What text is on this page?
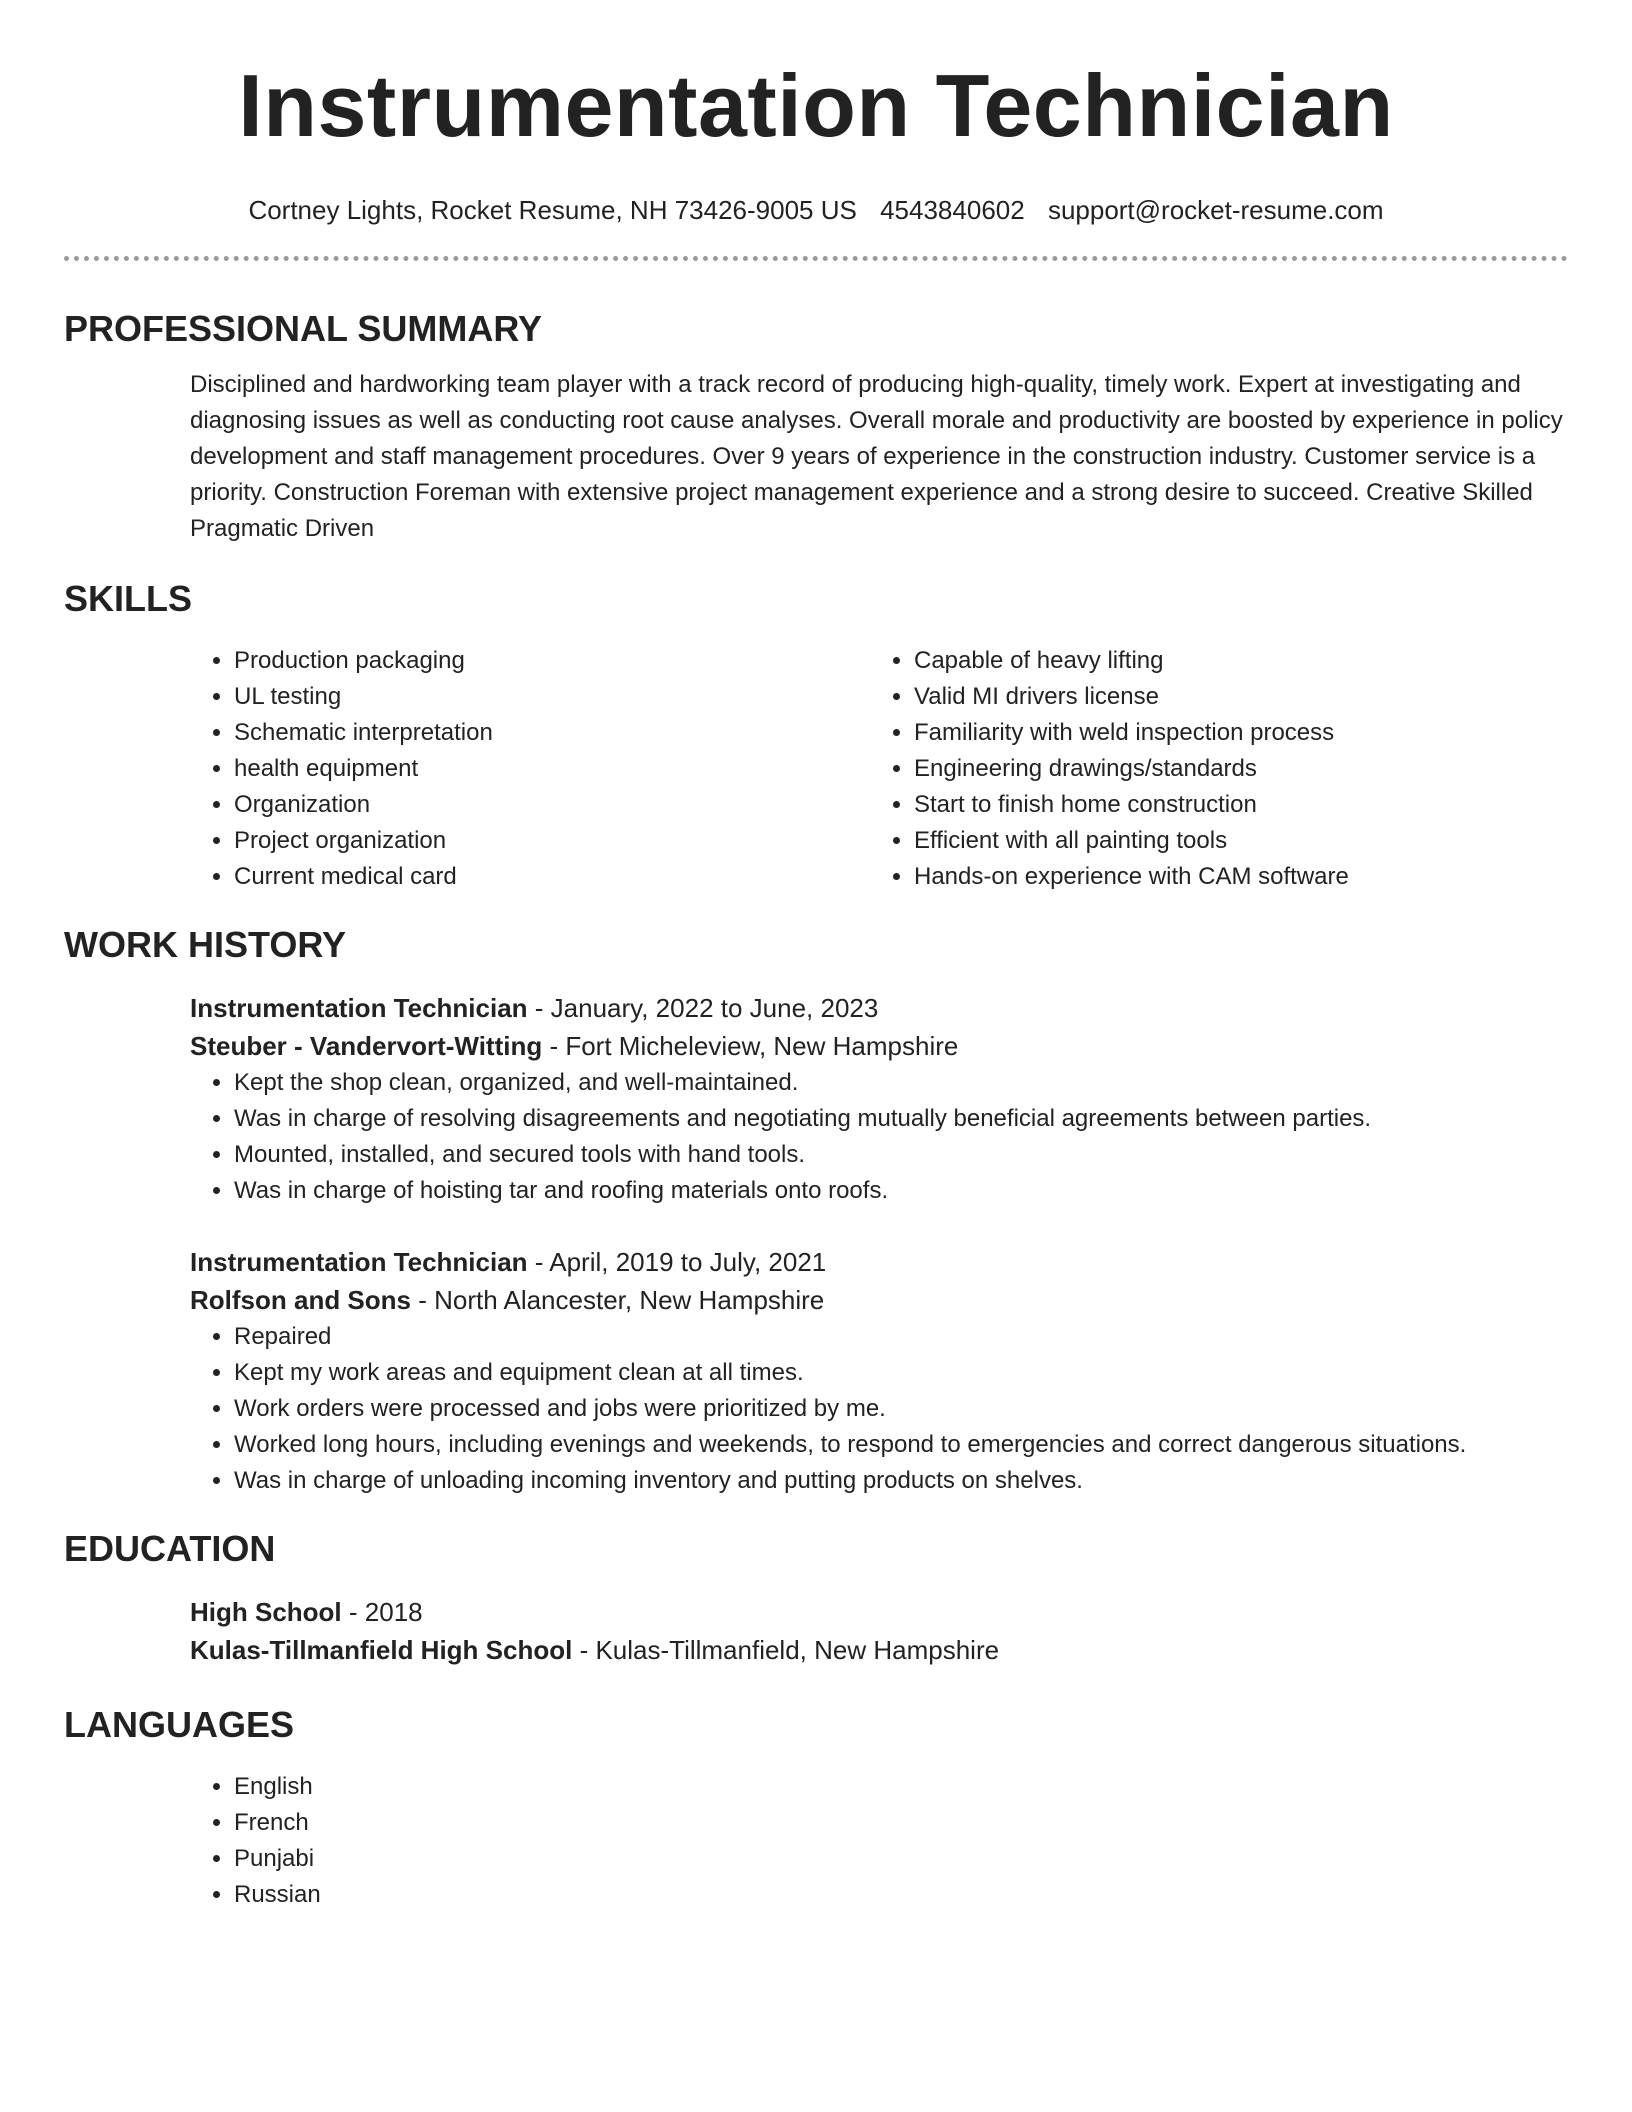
Instrumentation Technician
Cortney Lights, Rocket Resume, NH 73426-9005 US 4543840602 support@rocket-resume.com
PROFESSIONAL SUMMARY
Disciplined and hardworking team player with a track record of producing high-quality, timely work. Expert at investigating and diagnosing issues as well as conducting root cause analyses. Overall morale and productivity are boosted by experience in policy development and staff management procedures. Over 9 years of experience in the construction industry. Customer service is a priority. Construction Foreman with extensive project management experience and a strong desire to succeed. Creative Skilled Pragmatic Driven
SKILLS
• Production packaging
• UL testing
• Schematic interpretation
• health equipment
• Organization
• Project organization
• Current medical card
• Capable of heavy lifting
• Valid MI drivers license
• Familiarity with weld inspection process
• Engineering drawings/standards
• Start to finish home construction
• Efficient with all painting tools
• Hands-on experience with CAM software
WORK HISTORY
Instrumentation Technician - January, 2022 to June, 2023
Steuber - Vandervort-Witting - Fort Micheleview, New Hampshire
• Kept the shop clean, organized, and well-maintained.
• Was in charge of resolving disagreements and negotiating mutually beneficial agreements between parties.
• Mounted, installed, and secured tools with hand tools.
• Was in charge of hoisting tar and roofing materials onto roofs.
Instrumentation Technician - April, 2019 to July, 2021
Rolfson and Sons - North Alancester, New Hampshire
• Repaired
• Kept my work areas and equipment clean at all times.
• Work orders were processed and jobs were prioritized by me.
• Worked long hours, including evenings and weekends, to respond to emergencies and correct dangerous situations.
• Was in charge of unloading incoming inventory and putting products on shelves.
EDUCATION
High School - 2018
Kulas-Tillmanfield High School - Kulas-Tillmanfield, New Hampshire
LANGUAGES
• English
• French
• Punjabi
• Russian
